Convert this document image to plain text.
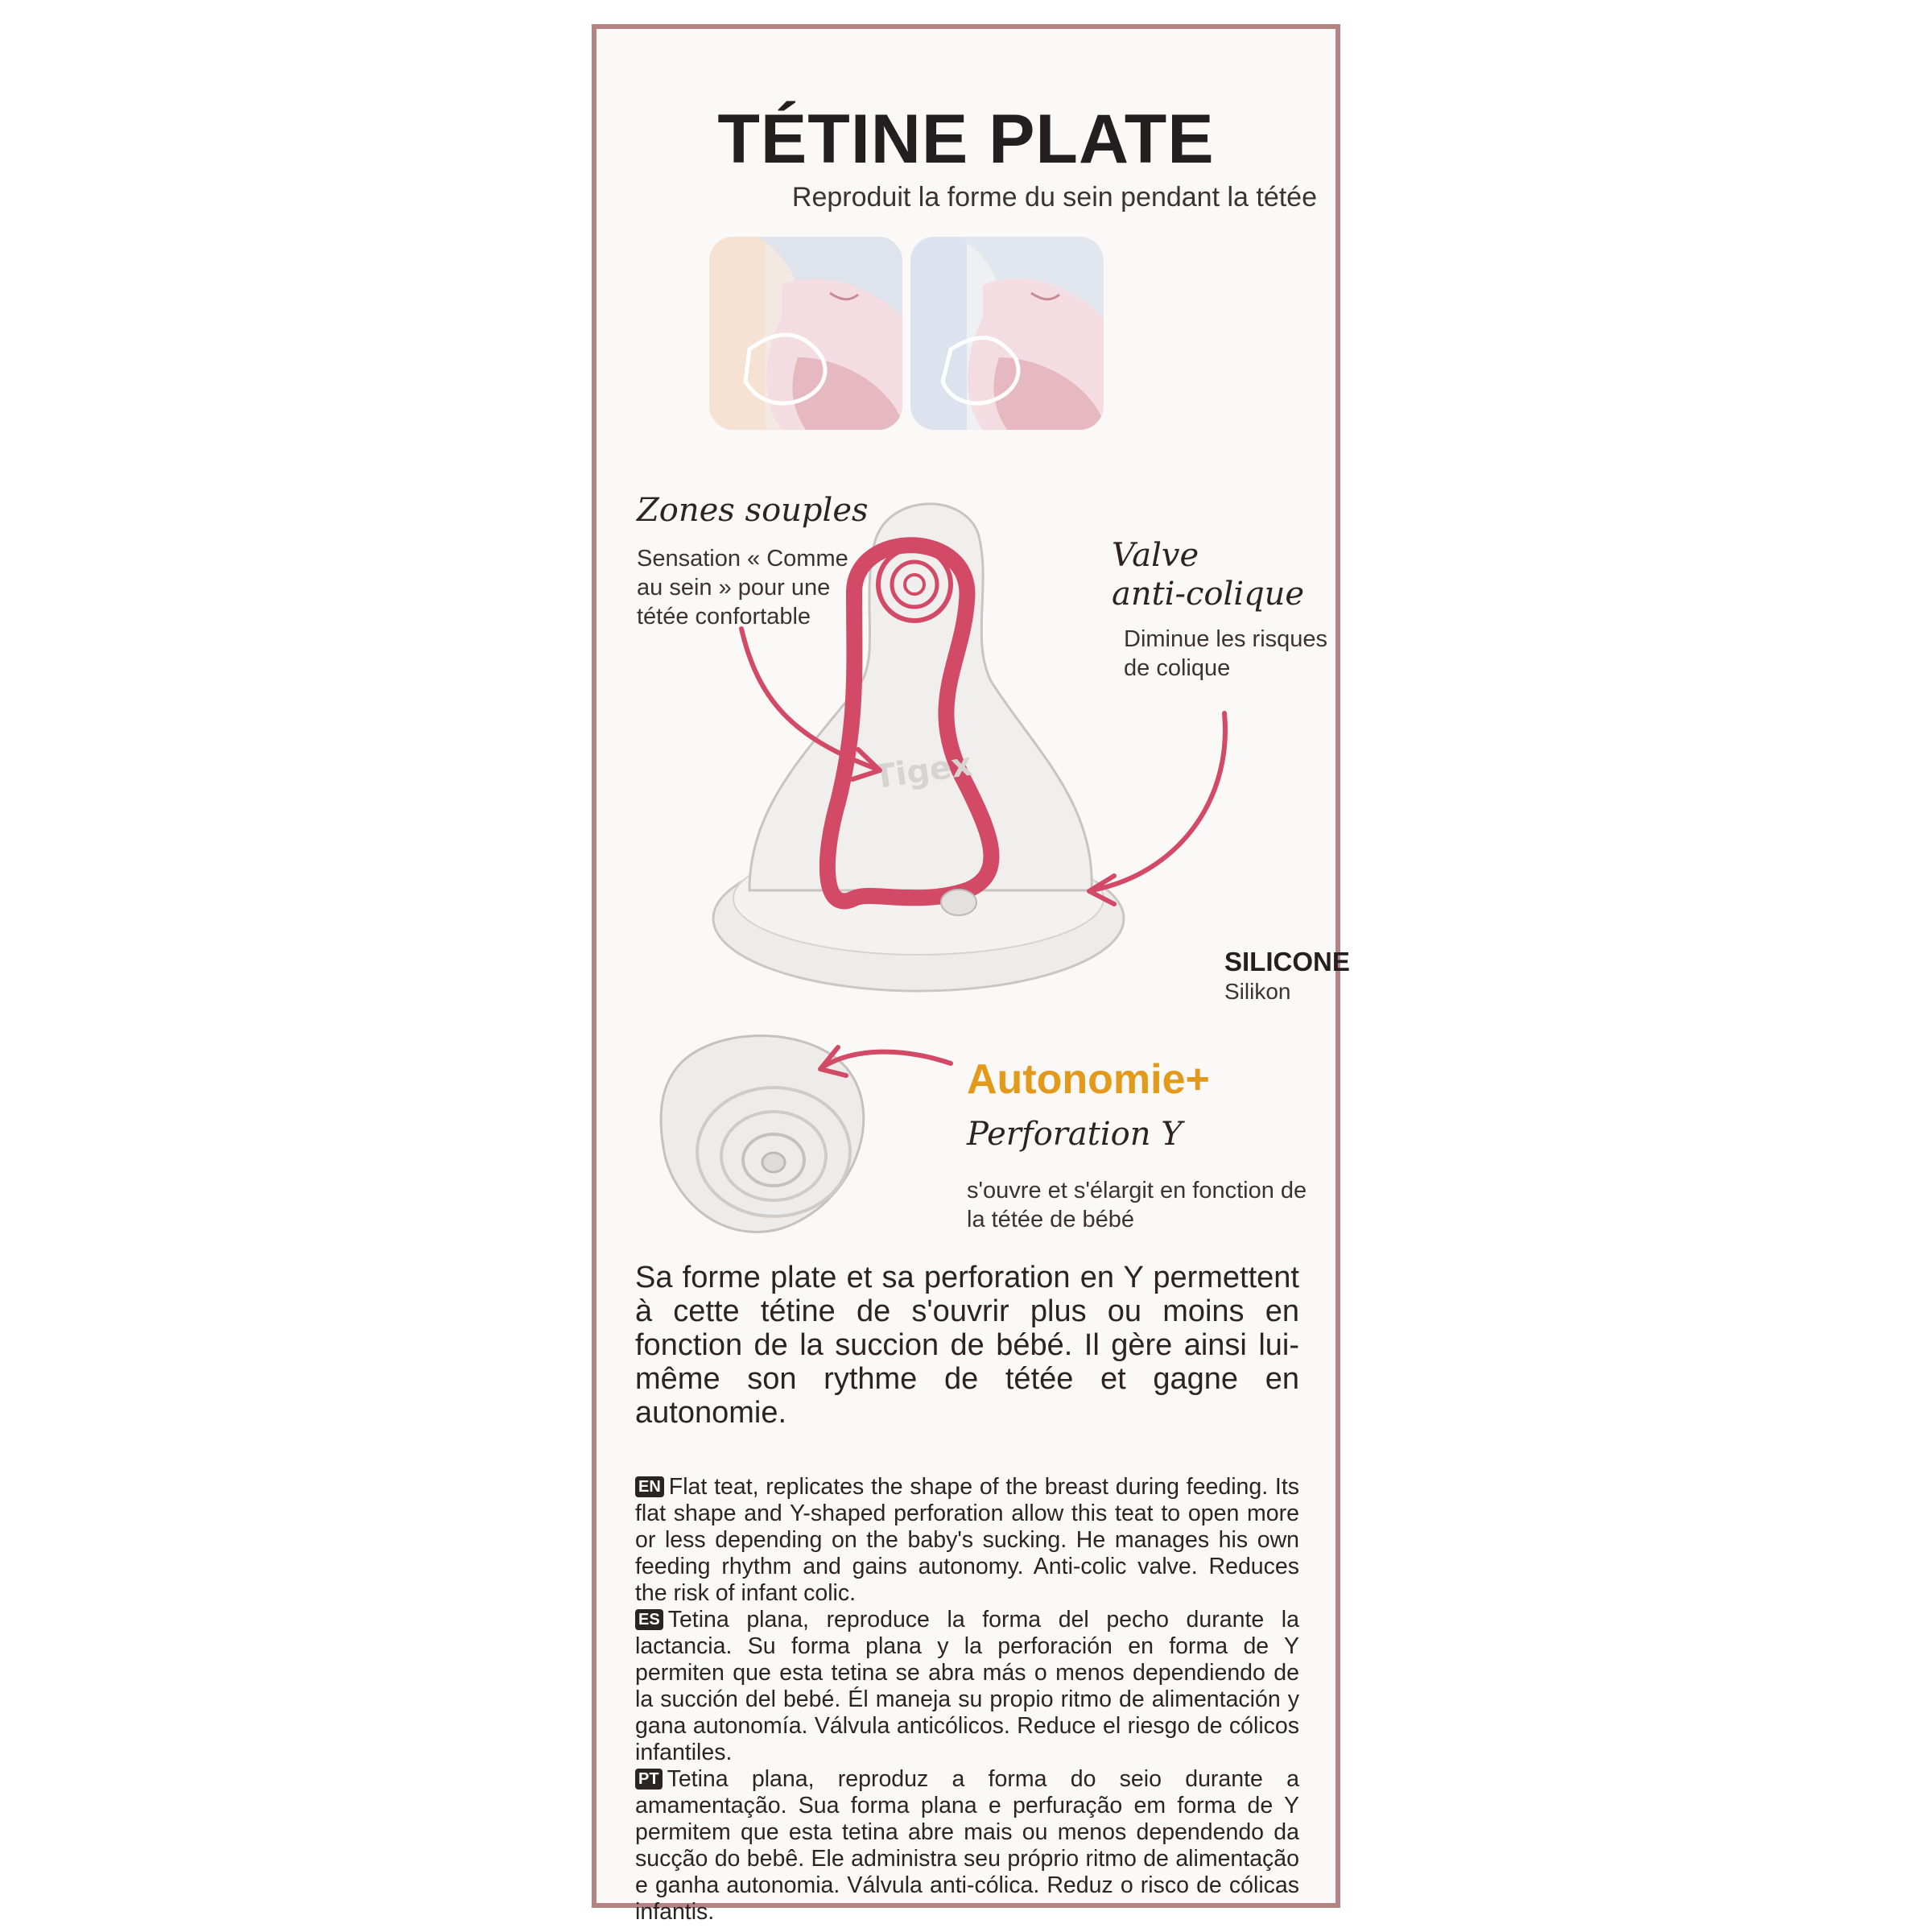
TÉTINE PLATE
Reproduit la forme du sein pendant la tétée
Zones souples
Sensation « Comme au sein » pour une tétée confortable
Valve
anti-colique
Diminue les risques de colique
Tigex
SILICONE
Silikon
Autonomie+
Perforation Y
s'ouvre et s'élargit en fonction de la tétée de bébé
Sa forme plate et sa perforation en Y permettent à cette tétine de s'ouvrir plus ou moins en fonction de la succion de bébé. Il gère ainsi lui-même son rythme de tétée et gagne en autonomie.

EN Flat teat, replicates the shape of the breast during feeding. Its flat shape and Y-shaped perforation allow this teat to open more or less depending on the baby's sucking. He manages his own feeding rhythm and gains autonomy. Anti-colic valve. Reduces the risk of infant colic.

ES Tetina plana, reproduce la forma del pecho durante la lactancia. Su forma plana y la perforación en forma de Y permiten que esta tetina se abra más o menos dependiendo de la succión del bebé. Él maneja su propio ritmo de alimentación y gana autonomía. Válvula anticólicos. Reduce el riesgo de cólicos infantiles.

PT Tetina plana, reproduz a forma do seio durante a amamentação. Sua forma plana e perfuração em forma de Y permitem que esta tetina abre mais ou menos dependendo da sucção do bebê. Ele administra seu próprio ritmo de alimentação e ganha autonomia. Válvula anti-cólica. Reduz o risco de cólicas infantis.
